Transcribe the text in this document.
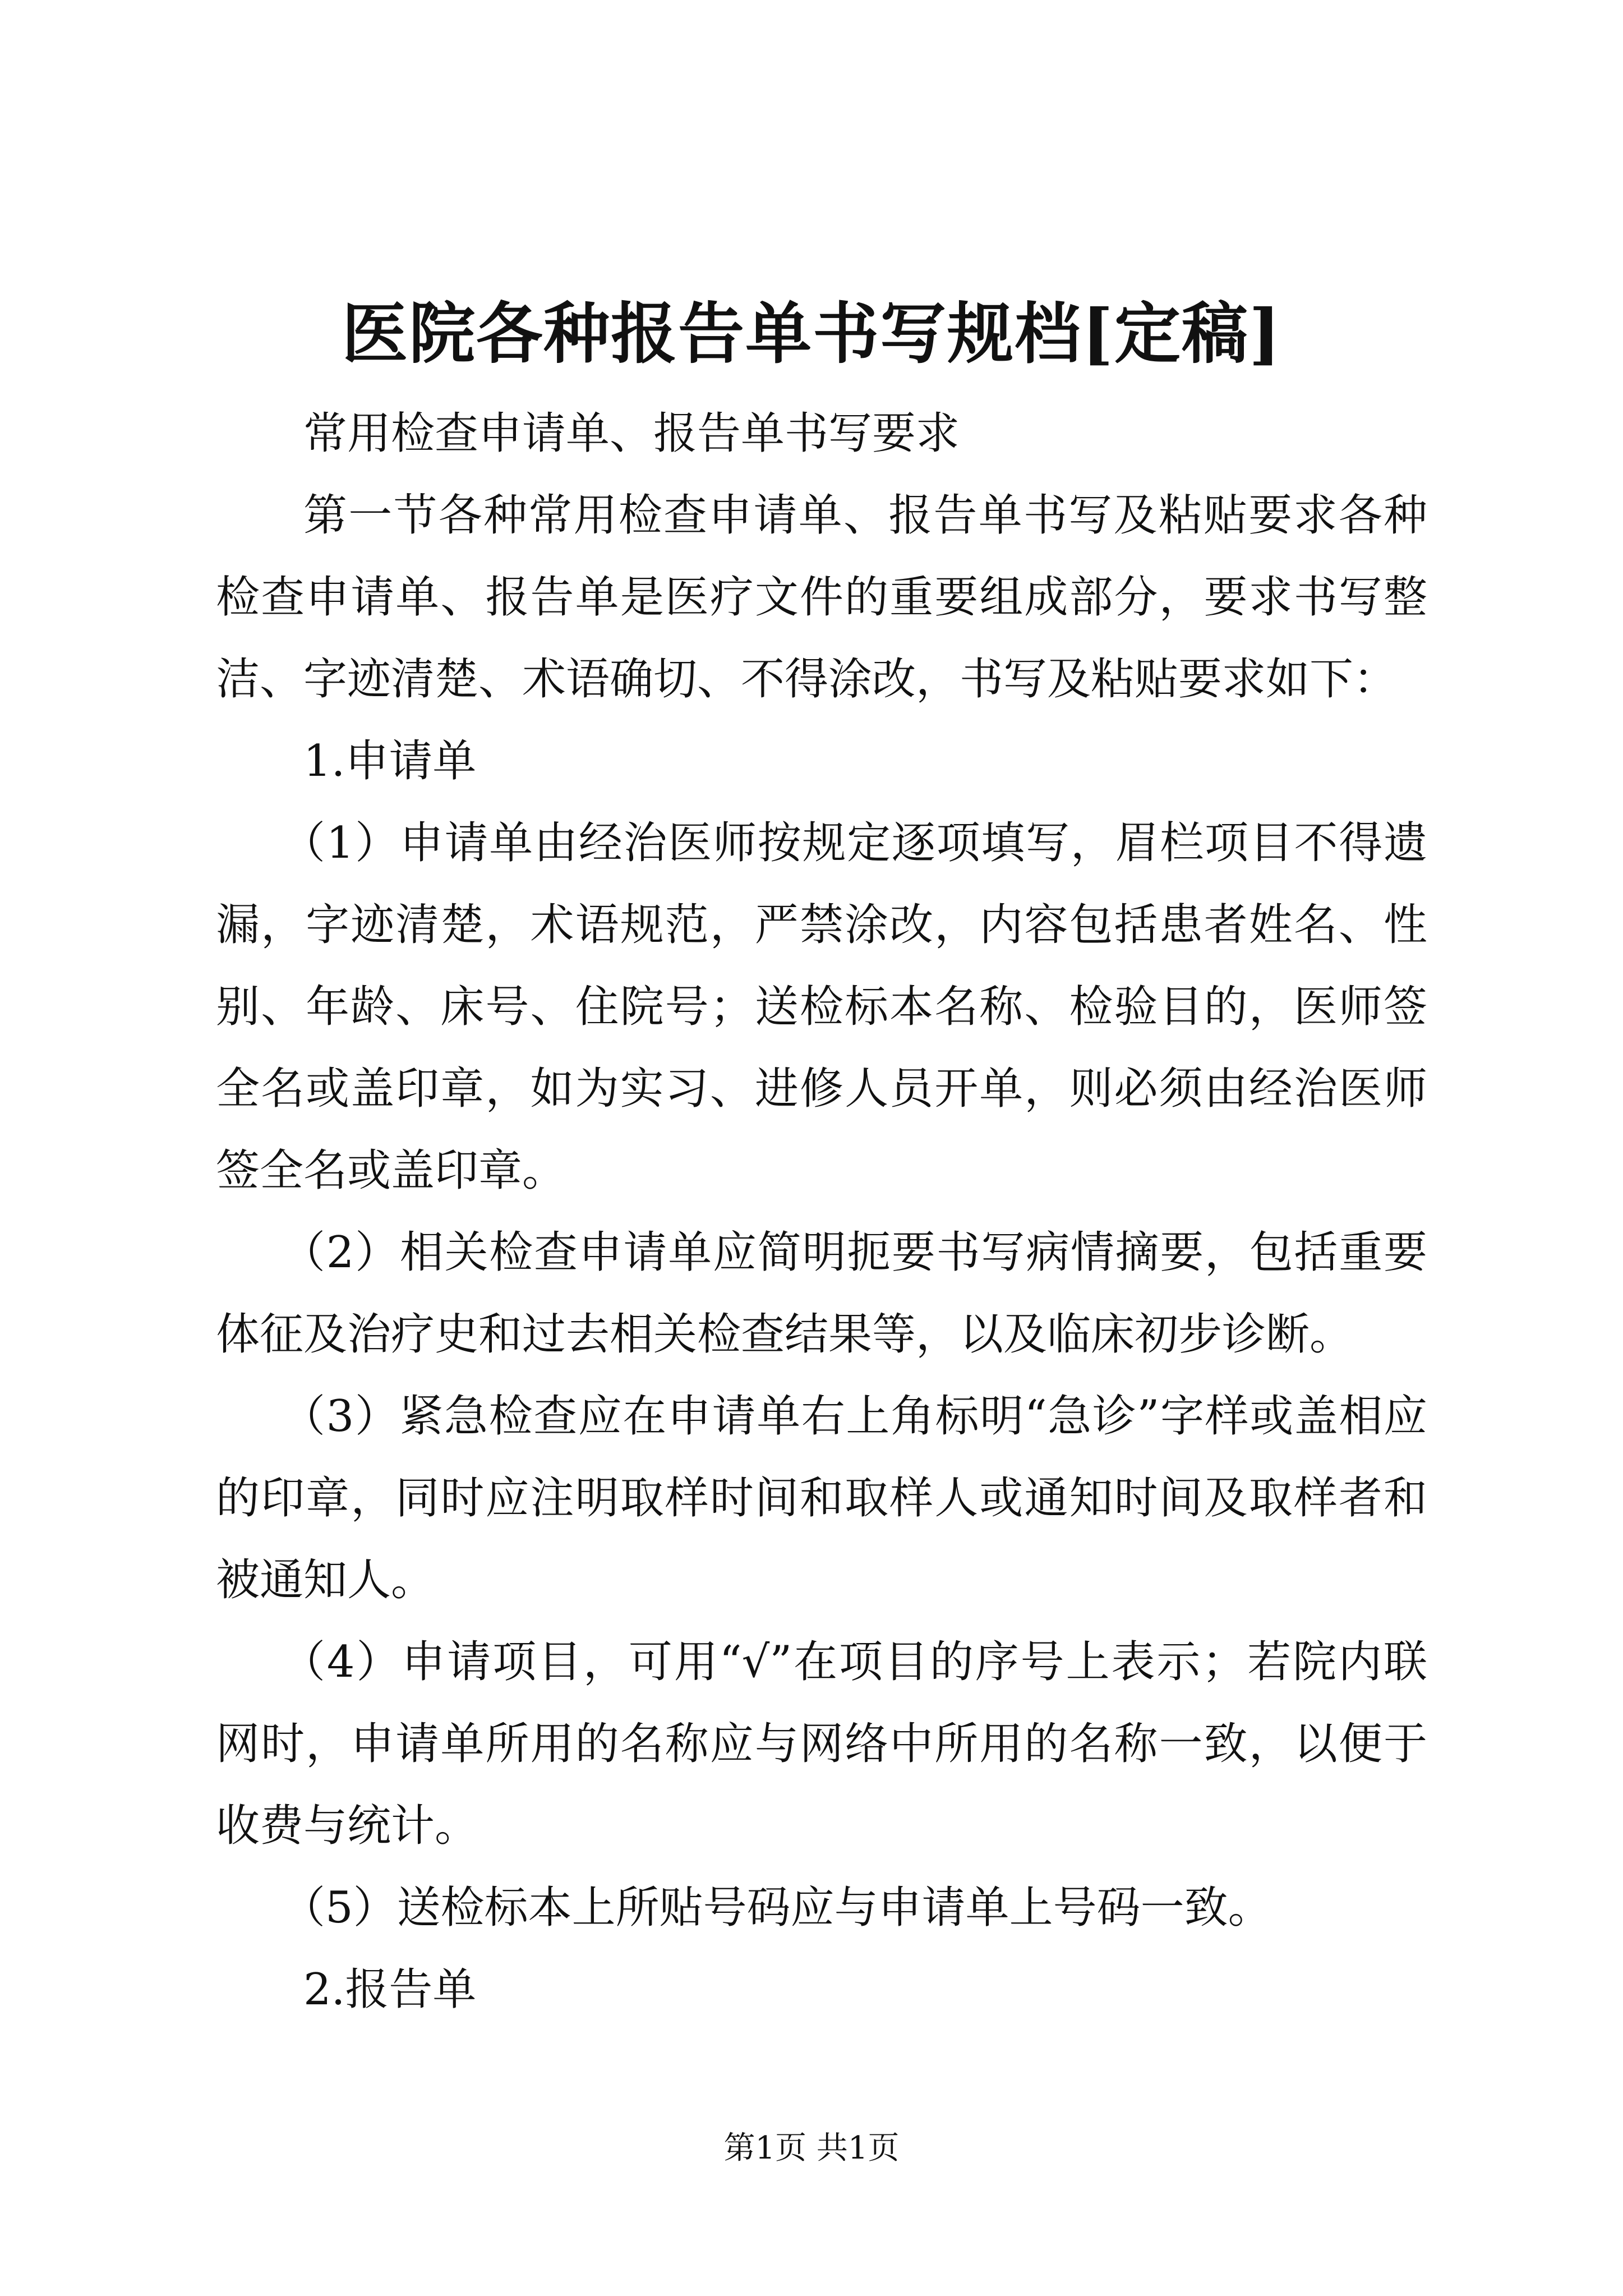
医院各种报告单书写规档[定稿]

常用检查申请单、报告单书写要求

第一节各种常用检查申请单、报告单书写及粘贴要求各种检查申请单、报告单是医疗文件的重要组成部分，要求书写整洁、字迹清楚、术语确切、不得涂改，书写及粘贴要求如下：

1.申请单

（1）申请单由经治医师按规定逐项填写，眉栏项目不得遗漏，字迹清楚，术语规范，严禁涂改，内容包括患者姓名、性别、年龄、床号、住院号；送检标本名称、检验目的，医师签全名或盖印章，如为实习、进修人员开单，则必须由经治医师签全名或盖印章。

（2）相关检查申请单应简明扼要书写病情摘要，包括重要体征及治疗史和过去相关检查结果等，以及临床初步诊断。

（3）紧急检查应在申请单右上角标明“急诊”字样或盖相应的印章，同时应注明取样时间和取样人或通知时间及取样者和被通知人。

（4）申请项目，可用“√”在项目的序号上表示；若院内联网时，申请单所用的名称应与网络中所用的名称一致，以便于收费与统计。

（5）送检标本上所贴号码应与申请单上号码一致。

2.报告单

第1页 共1页
